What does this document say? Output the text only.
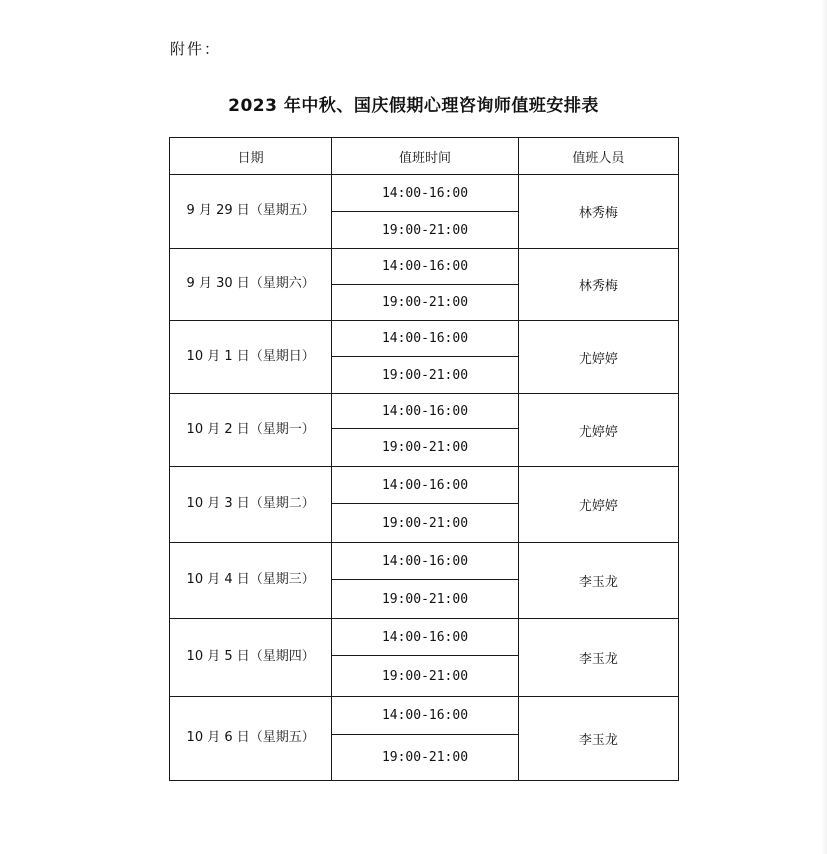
附件：
2023 年中秋、国庆假期心理咨询师值班安排表
日期	值班时间	值班人员
9 月 29 日（星期五）	14:00-16:00	林秀梅
	19:00-21:00	
9 月 30 日（星期六）	14:00-16:00	林秀梅
	19:00-21:00	
10 月 1 日（星期日）	14:00-16:00	尤婷婷
	19:00-21:00	
10 月 2 日（星期一）	14:00-16:00	尤婷婷
	19:00-21:00	
10 月 3 日（星期二）	14:00-16:00	尤婷婷
	19:00-21:00	
10 月 4 日（星期三）	14:00-16:00	李玉龙
	19:00-21:00	
10 月 5 日（星期四）	14:00-16:00	李玉龙
	19:00-21:00	
10 月 6 日（星期五）	14:00-16:00	李玉龙
	19:00-21:00	
